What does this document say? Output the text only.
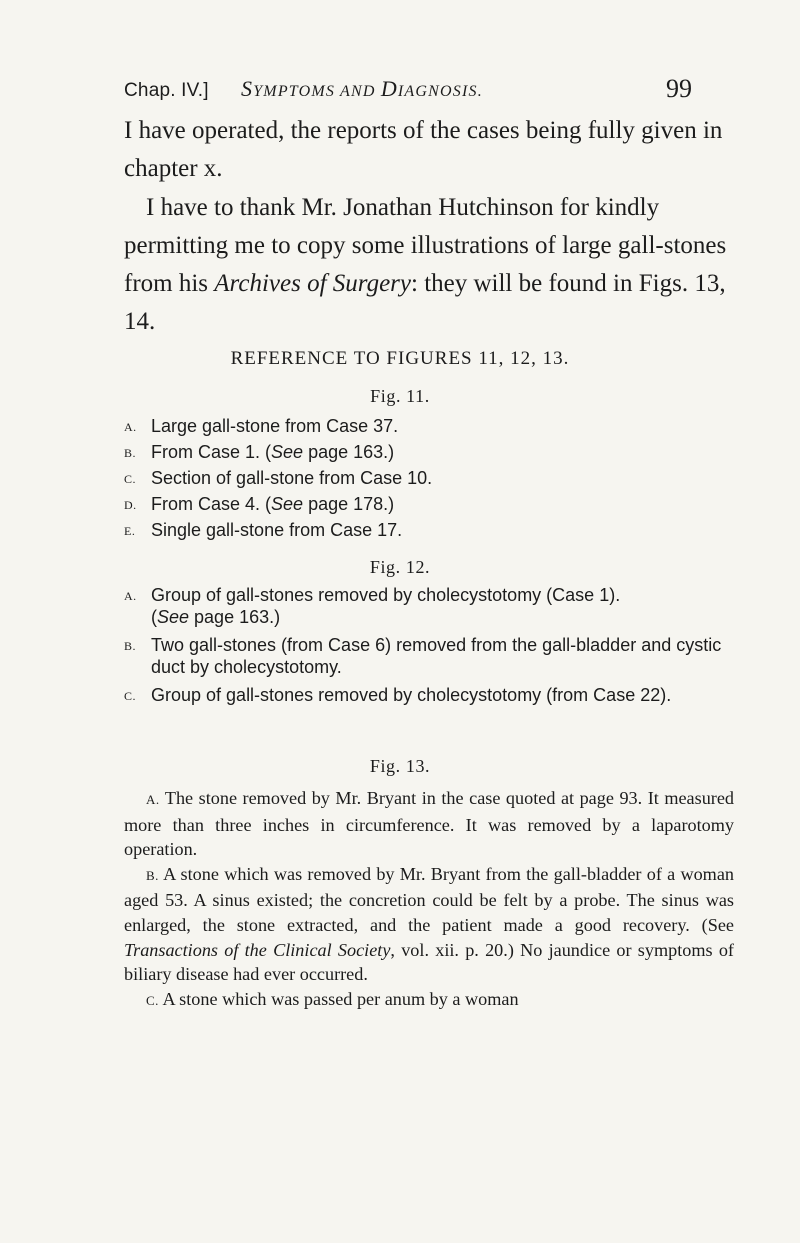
Chap. IV.] SYMPTOMS AND DIAGNOSIS.	99

I have operated, the reports of the cases being fully given in chapter x.

I have to thank Mr. Jonathan Hutchinson for kindly permitting me to copy some illustrations of large gall-stones from his Archives of Surgery: they will be found in Figs. 13, 14.

REFERENCE TO FIGURES 11, 12, 13.
Fig. 11.
A. Large gall-stone from Case 37.
B. From Case 1. (See page 163.)
C. Section of gall-stone from Case 10.
D. From Case 4. (See page 178.)
E. Single gall-stone from Case 17.
Fig. 12.
A. Group of gall-stones removed by cholecystotomy (Case 1).
(See page 163.)
B. Two gall-stones (from Case 6) removed from the gall-bladder and cystic duct by cholecystotomy.
C. Group of gall-stones removed by cholecystotomy (from Case 22).
Fig. 13.

A. The stone removed by Mr. Bryant in the case quoted at page 93. It measured more than three inches in circumference. It was removed by a laparotomy operation.

B. A stone which was removed by Mr. Bryant from the gall-bladder of a woman aged 53. A sinus existed; the concretion could be felt by a probe. The sinus was enlarged, the stone extracted, and the patient made a good recovery. (See Transactions of the Clinical Society, vol. xii. p. 20.) No jaundice or symptoms of biliary disease had ever occurred.

C. A stone which was passed per anum by a woman
